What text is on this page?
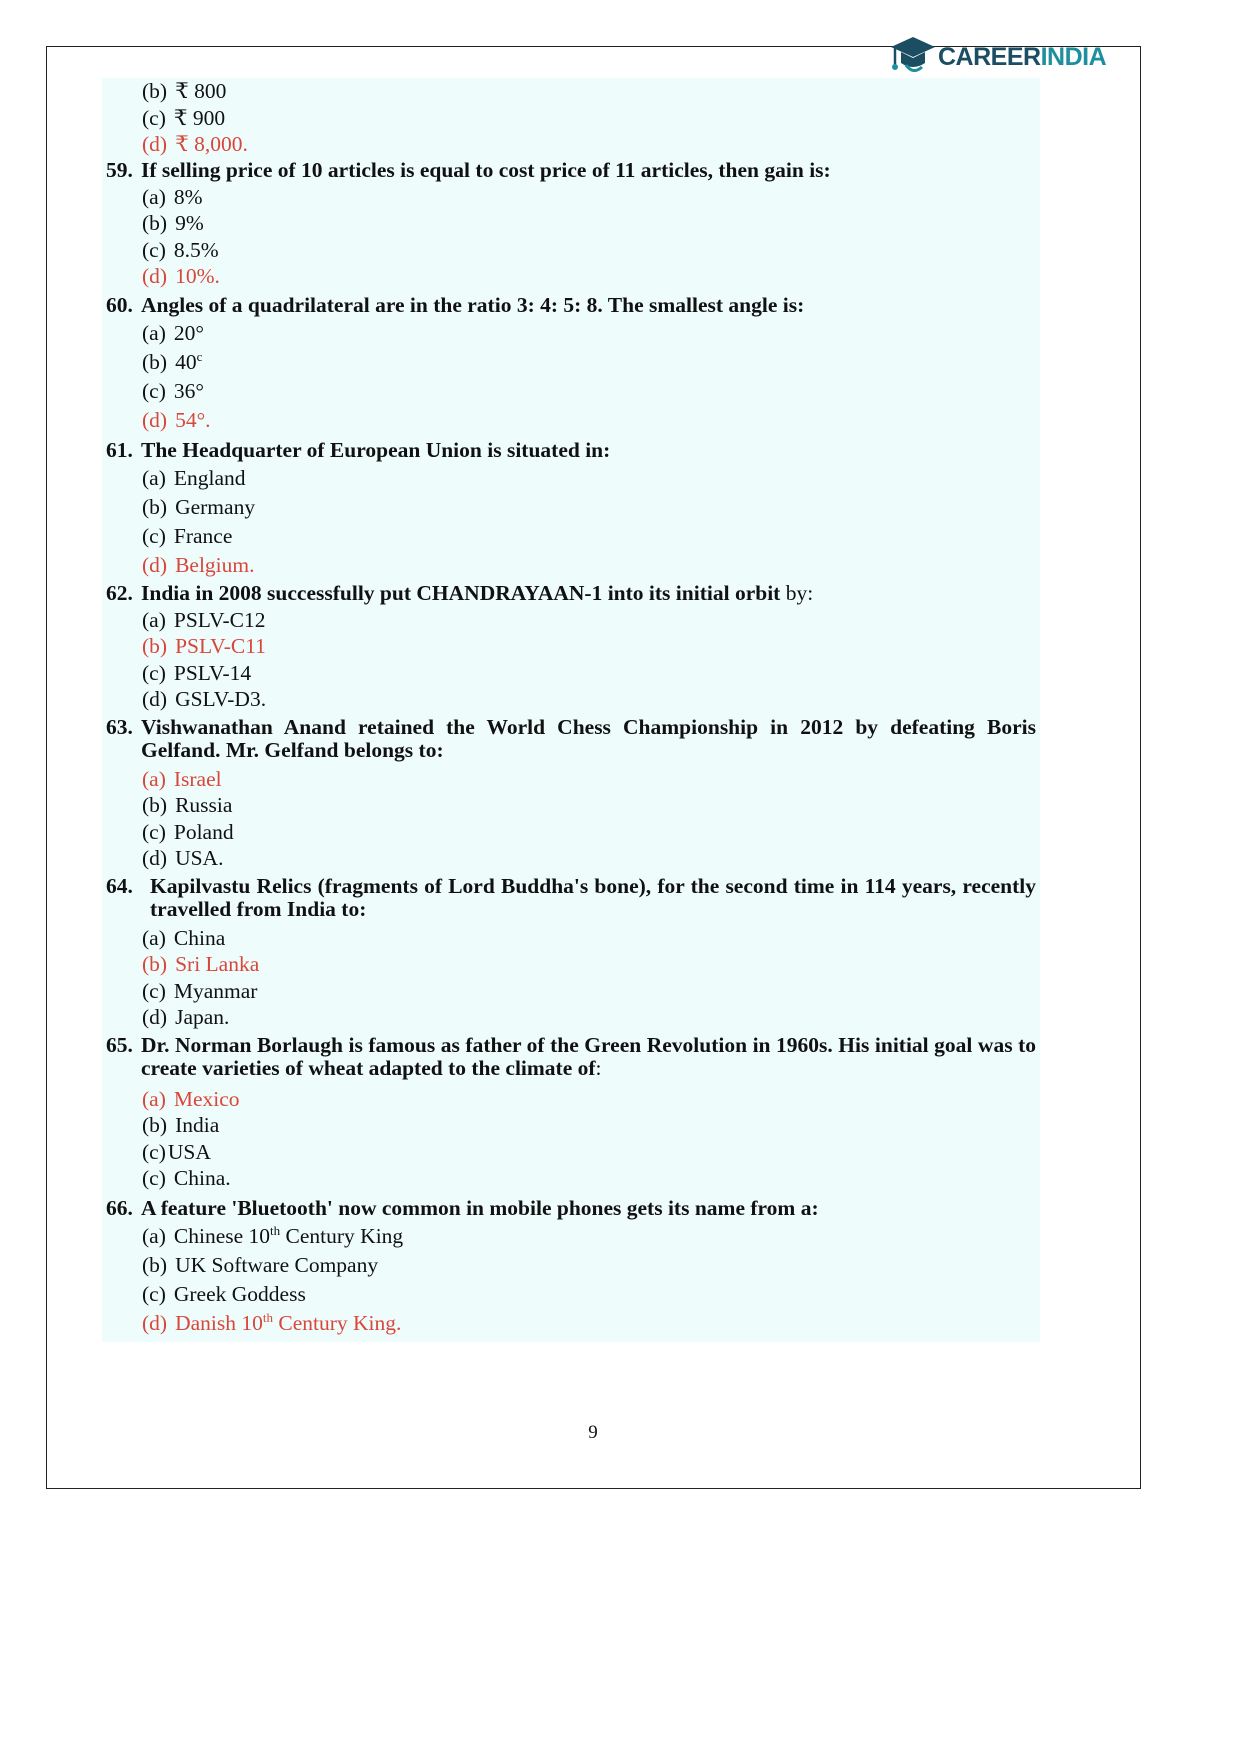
CAREERINDIA
(b) ₹ 800
(c) ₹ 900
(d) ₹ 8,000.
59. If selling price of 10 articles is equal to cost price of 11 articles, then gain is:
(a) 8%
(b) 9%
(c) 8.5%
(d) 10%.
60. Angles of a quadrilateral are in the ratio 3: 4: 5: 8. The smallest angle is:
(a) 20°
(b) 40$^c$
(c) 36°
(d) 54°.
61. The Headquarter of European Union is situated in:
(a) England
(b) Germany
(c) France
(d) Belgium.
62. India in 2008 successfully put CHANDRAYAAN-1 into its initial orbit by:
(a) PSLV-C12
(b) PSLV-C11
(c) PSLV-14
(d) GSLV-D3.
63. Vishwanathan Anand retained the World Chess Championship in 2012 by defeating Boris Gelfand. Mr. Gelfand belongs to:
(a) Israel
(b) Russia
(c) Poland
(d) USA.
64. Kapilvastu Relics (fragments of Lord Buddha's bone), for the second time in 114 years, recently travelled from India to:
(a) China
(b) Sri Lanka
(c) Myanmar
(d) Japan.
65. Dr. Norman Borlaugh is famous as father of the Green Revolution in 1960s. His initial goal was to create varieties of wheat adapted to the climate of:
(a) Mexico
(b) India
(c)USA
(c) China.
66. A feature 'Bluetooth' now common in mobile phones gets its name from a:
(a) Chinese 10th Century King
(b) UK Software Company
(c) Greek Goddess
(d) Danish 10th Century King.
9
